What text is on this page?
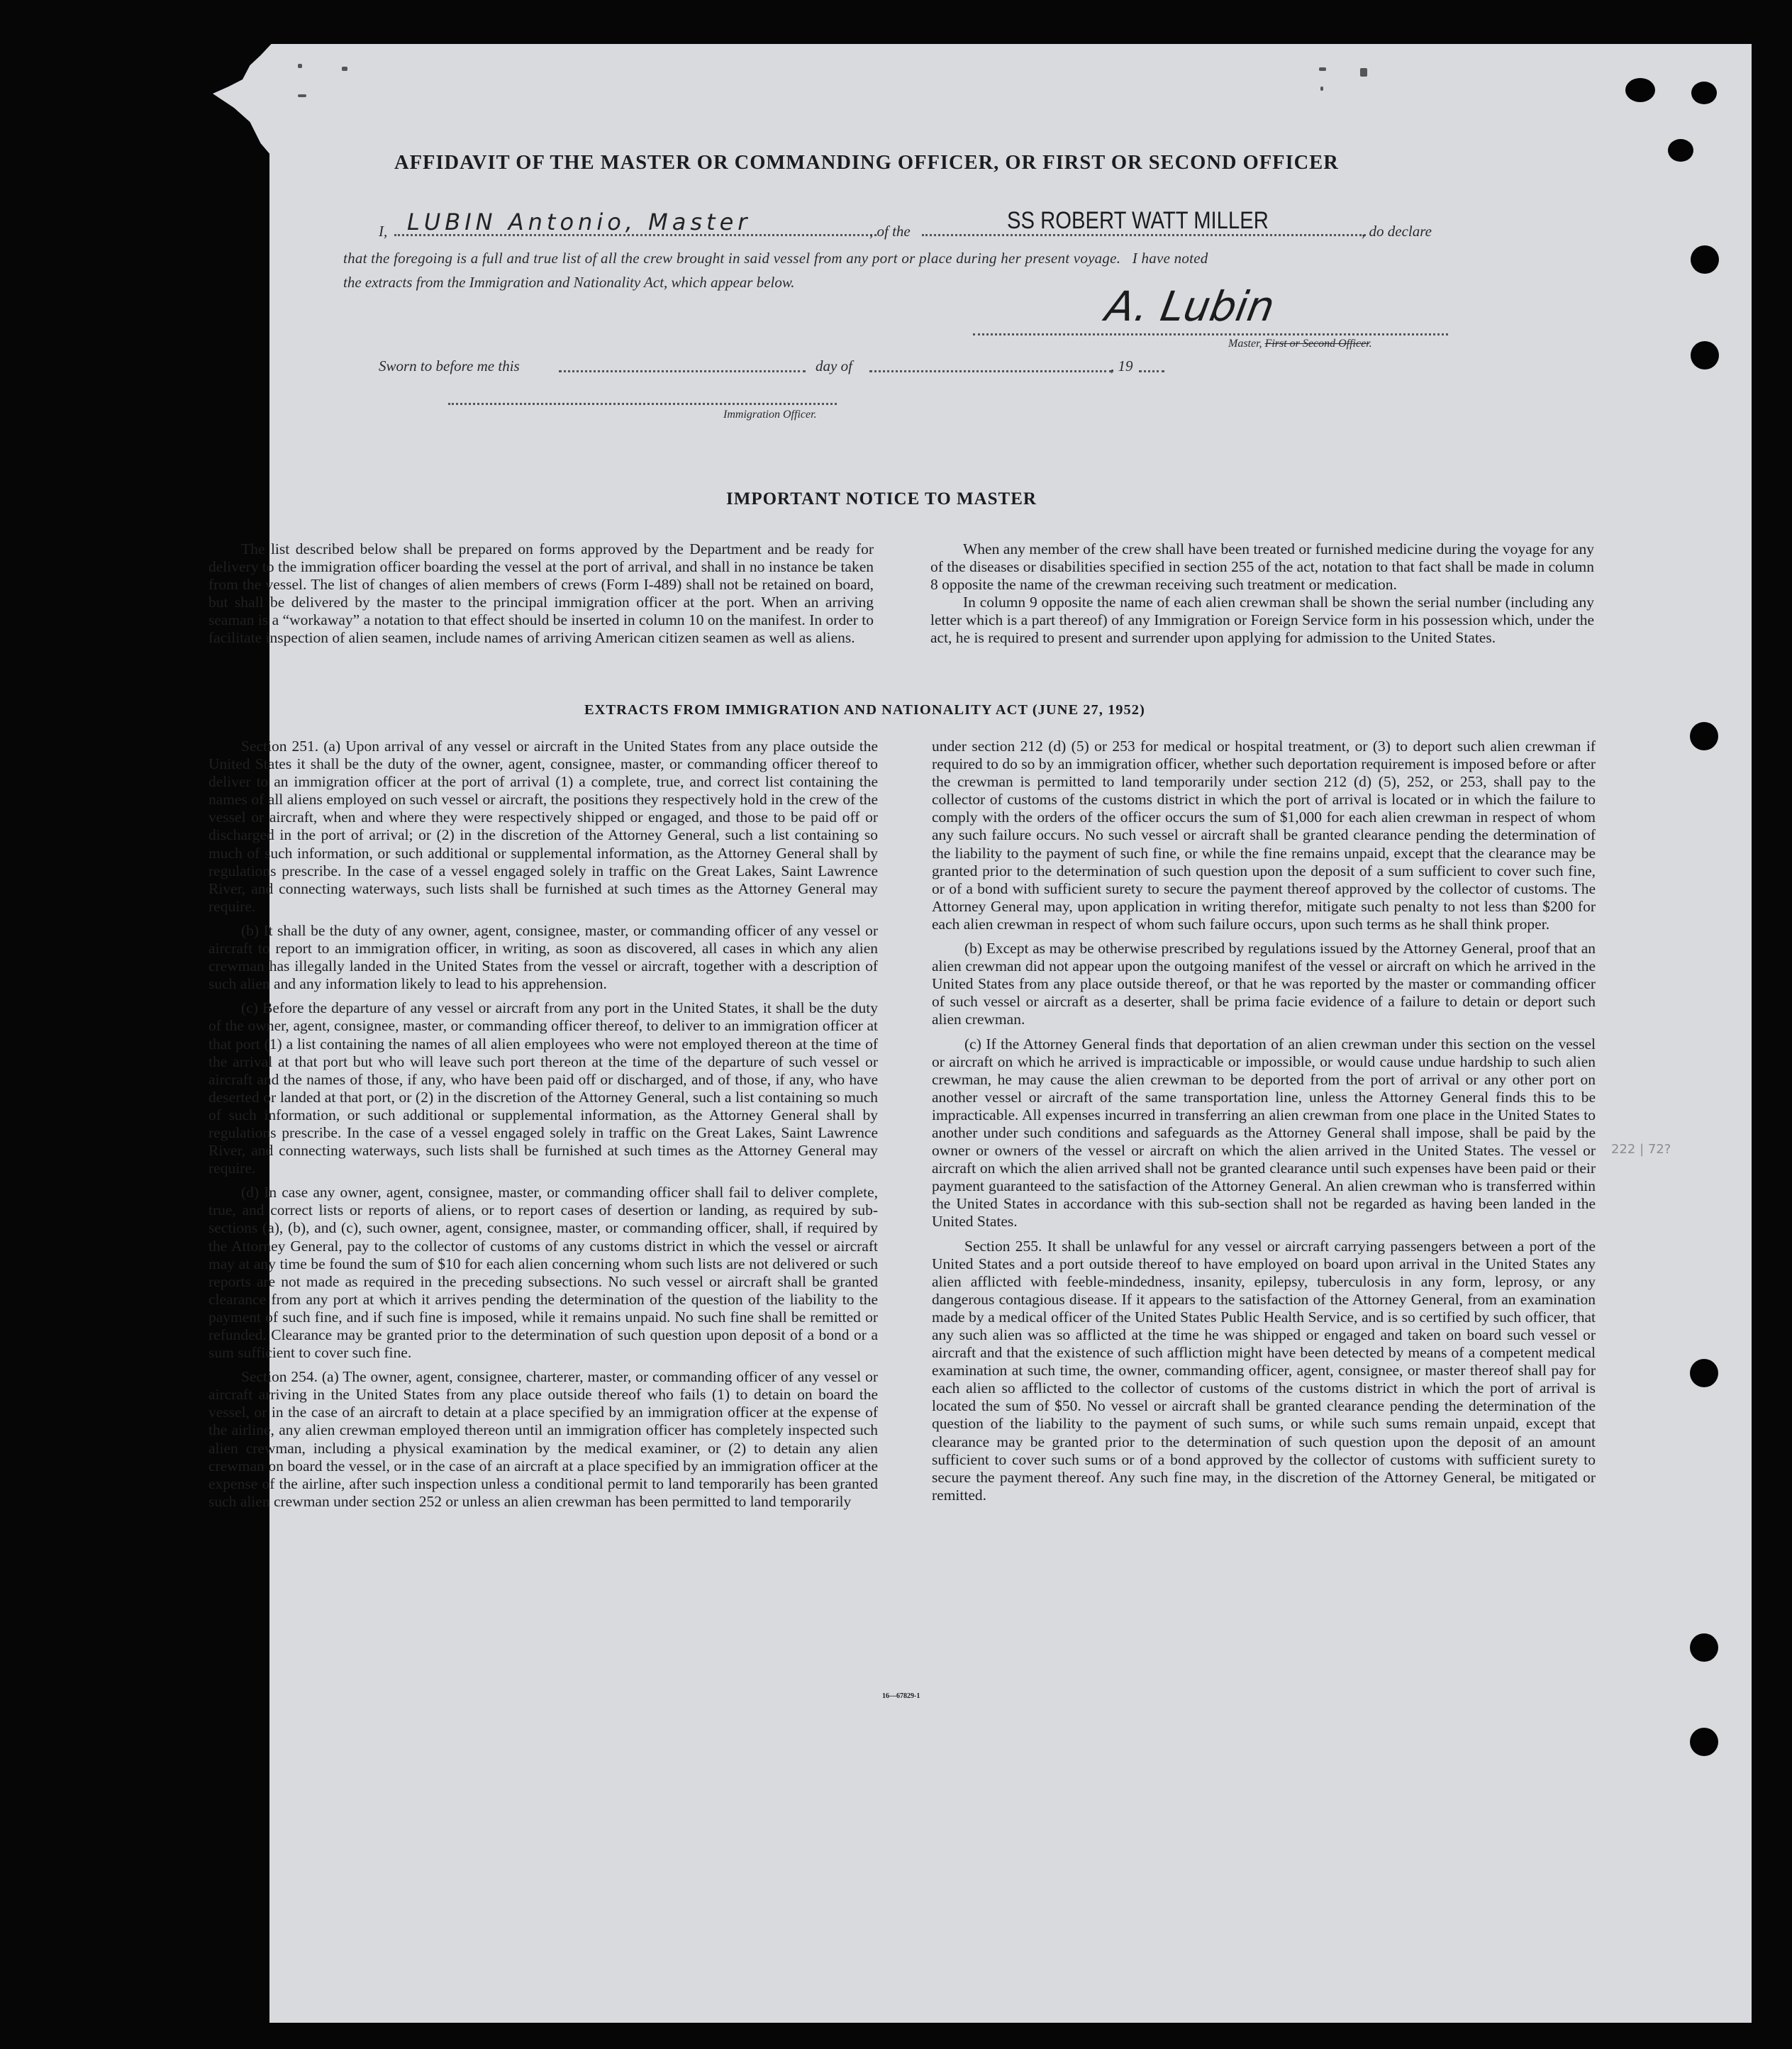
AFFIDAVIT OF THE MASTER OR COMMANDING OFFICER, OR FIRST OR SECOND OFFICER
I, LUBIN Antonio, Master	, of the	SS ROBERT WATT MILLER	, do declare
that the foregoing is a full and true list of all the crew brought in said vessel from any port or place during her present voyage.   I have noted
the extracts from the Immigration and Nationality Act, which appear below.	A. Lubin
Master, First or Second Officer.
Sworn to before me this	day of	, 19
Immigration Officer.
IMPORTANT NOTICE TO MASTER

The list described below shall be prepared on forms approved by the Department and be ready for delivery to the immigration officer boarding the vessel at the port of arrival, and shall in no instance be taken from the vessel. The list of changes of alien members of crews (Form I-489) shall not be retained on board, but shall be delivered by the master to the principal immigration officer at the port. When an arriving seaman is a “workaway” a notation to that effect should be inserted in column 10 on the manifest. In order to facilitate inspection of alien seamen, include names of arriving American citizen seamen as well as aliens.

When any member of the crew shall have been treated or furnished medicine during the voyage for any of the diseases or disabilities specified in section 255 of the act, notation to that fact shall be made in column 8 opposite the name of the crewman receiving such treatment or medication.

In column 9 opposite the name of each alien crewman shall be shown the serial number (including any letter which is a part thereof) of any Immigration or Foreign Service form in his possession which, under the act, he is required to present and surrender upon applying for admission to the United States.

EXTRACTS FROM IMMIGRATION AND NATIONALITY ACT (JUNE 27, 1952)

Section 251. (a) Upon arrival of any vessel or aircraft in the United States from any place outside the United States it shall be the duty of the owner, agent, consignee, master, or commanding officer thereof to deliver to an immigration officer at the port of arrival (1) a complete, true, and correct list containing the names of all aliens employed on such vessel or aircraft, the positions they respectively hold in the crew of the vessel or aircraft, when and where they were respectively shipped or engaged, and those to be paid off or discharged in the port of arrival; or (2) in the discretion of the Attorney General, such a list containing so much of such information, or such additional or supplemental information, as the Attorney General shall by regulations prescribe. In the case of a vessel engaged solely in traffic on the Great Lakes, Saint Lawrence River, and connecting waterways, such lists shall be furnished at such times as the Attorney General may require.

(b) It shall be the duty of any owner, agent, consignee, master, or commanding officer of any vessel or aircraft to report to an immigration officer, in writing, as soon as discovered, all cases in which any alien crewman has illegally landed in the United States from the vessel or aircraft, together with a description of such alien and any information likely to lead to his apprehension.

(c) Before the departure of any vessel or aircraft from any port in the United States, it shall be the duty of the owner, agent, consignee, master, or commanding officer thereof, to deliver to an immigration officer at that port (1) a list containing the names of all alien employees who were not employed thereon at the time of the arrival at that port but who will leave such port thereon at the time of the departure of such vessel or aircraft and the names of those, if any, who have been paid off or discharged, and of those, if any, who have deserted or landed at that port, or (2) in the discretion of the Attorney General, such a list containing so much of such information, or such additional or supplemental information, as the Attorney General shall by regulations prescribe. In the case of a vessel engaged solely in traffic on the Great Lakes, Saint Lawrence River, and connecting waterways, such lists shall be furnished at such times as the Attorney General may require.

(d) In case any owner, agent, consignee, master, or commanding officer shall fail to deliver complete, true, and correct lists or reports of aliens, or to report cases of desertion or landing, as required by sub-sections (a), (b), and (c), such owner, agent, consignee, master, or commanding officer, shall, if required by the Attorney General, pay to the collector of customs of any customs district in which the vessel or aircraft may at any time be found the sum of $10 for each alien concerning whom such lists are not delivered or such reports are not made as required in the preceding subsections. No such vessel or aircraft shall be granted clearance from any port at which it arrives pending the determination of the question of the liability to the payment of such fine, and if such fine is imposed, while it remains unpaid. No such fine shall be remitted or refunded. Clearance may be granted prior to the determination of such question upon deposit of a bond or a sum sufficient to cover such fine.

Section 254. (a) The owner, agent, consignee, charterer, master, or commanding officer of any vessel or aircraft arriving in the United States from any place outside thereof who fails (1) to detain on board the vessel, or in the case of an aircraft to detain at a place specified by an immigration officer at the expense of the airline, any alien crewman employed thereon until an immigration officer has completely inspected such alien crewman, including a physical examination by the medical examiner, or (2) to detain any alien crewman on board the vessel, or in the case of an aircraft at a place specified by an immigration officer at the expense of the airline, after such inspection unless a conditional permit to land temporarily has been granted such alien crewman under section 252 or unless an alien crewman has been permitted to land temporarily

under section 212 (d) (5) or 253 for medical or hospital treatment, or (3) to deport such alien crewman if required to do so by an immigration officer, whether such deportation requirement is imposed before or after the crewman is permitted to land temporarily under section 212 (d) (5), 252, or 253, shall pay to the collector of customs of the customs district in which the port of arrival is located or in which the failure to comply with the orders of the officer occurs the sum of $1,000 for each alien crewman in respect of whom any such failure occurs. No such vessel or aircraft shall be granted clearance pending the determination of the liability to the payment of such fine, or while the fine remains unpaid, except that the clearance may be granted prior to the determination of such question upon the deposit of a sum sufficient to cover such fine, or of a bond with sufficient surety to secure the payment thereof approved by the collector of customs. The Attorney General may, upon application in writing therefor, mitigate such penalty to not less than $200 for each alien crewman in respect of whom such failure occurs, upon such terms as he shall think proper.

(b) Except as may be otherwise prescribed by regulations issued by the Attorney General, proof that an alien crewman did not appear upon the outgoing manifest of the vessel or aircraft on which he arrived in the United States from any place outside thereof, or that he was reported by the master or commanding officer of such vessel or aircraft as a deserter, shall be prima facie evidence of a failure to detain or deport such alien crewman.

(c) If the Attorney General finds that deportation of an alien crewman under this section on the vessel or aircraft on which he arrived is impracticable or impossible, or would cause undue hardship to such alien crewman, he may cause the alien crewman to be deported from the port of arrival or any other port on another vessel or aircraft of the same transportation line, unless the Attorney General finds this to be impracticable. All expenses incurred in transferring an alien crewman from one place in the United States to another under such conditions and safeguards as the Attorney General shall impose, shall be paid by the owner or owners of the vessel or aircraft on which the alien arrived in the United States. The vessel or aircraft on which the alien arrived shall not be granted clearance until such expenses have been paid or their payment guaranteed to the satisfaction of the Attorney General. An alien crewman who is transferred within the United States in accordance with this sub-section shall not be regarded as having been landed in the United States.

Section 255. It shall be unlawful for any vessel or aircraft carrying passengers between a port of the United States and a port outside thereof to have employed on board upon arrival in the United States any alien afflicted with feeble-mindedness, insanity, epilepsy, tuberculosis in any form, leprosy, or any dangerous contagious disease. If it appears to the satisfaction of the Attorney General, from an examination made by a medical officer of the United States Public Health Service, and is so certified by such officer, that any such alien was so afflicted at the time he was shipped or engaged and taken on board such vessel or aircraft and that the existence of such affliction might have been detected by means of a competent medical examination at such time, the owner, commanding officer, agent, consignee, or master thereof shall pay for each alien so afflicted to the collector of customs of the customs district in which the port of arrival is located the sum of $50. No vessel or aircraft shall be granted clearance pending the determination of the question of the liability to the payment of such sums, or while such sums remain unpaid, except that clearance may be granted prior to the determination of such question upon the deposit of an amount sufficient to cover such sums or of a bond approved by the collector of customs with sufficient surety to secure the payment thereof. Any such fine may, in the discretion of the Attorney General, be mitigated or remitted.

222 | 72?
16—67829-1
